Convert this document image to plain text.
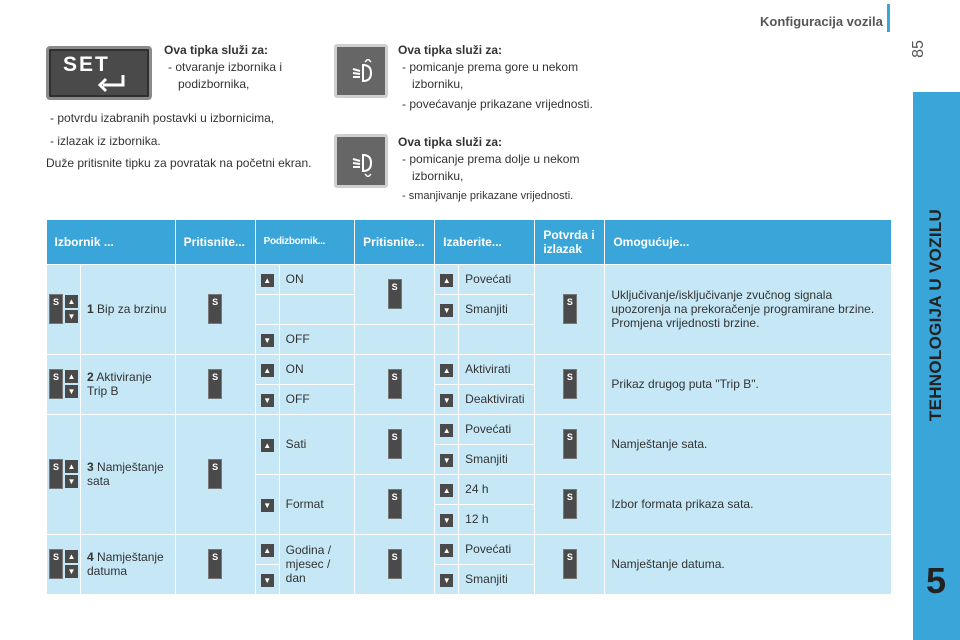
Konfiguracija vozila
85
TEHNOLOGIJA U VOZILU
5
SET
Ova tipka služi za:
- otvaranje izbornika i podizbornika,
- potvrdu izabranih postavki u izbornicima,
- izlazak iz izbornika.
Duže pritisnite tipku za povratak na početni ekran.
Ova tipka služi za:
- pomicanje prema gore u nekom izborniku,
- povećavanje prikazane vrijednosti.
Ova tipka služi za:
- pomicanje prema dolje u nekom izborniku,
- smanjivanje prikazane vrijednosti.
Izbornik ...		Pritisnite...	Podizbornik...		Pritisnite...	Izaberite...		Potvrda i izlazak	Omogućuje...

S ▲
▼	1 Bip za brzinu	S	▲	ON	S	▲	Povećati	S	Uključivanje/isključivanje zvučnog signala upozorenja na prekoračenje programirane brzine. Promjena vrijednosti brzine.
						▼	Smanjiti		
			▼	OFF					

S ▲
▼	2 Aktiviranje Trip B	S	▲	ON	S	▲	Aktivirati	S	Prikaz drugog puta "Trip B".
			▼	OFF		▼	Deaktivirati		

S ▲
▼	3 Namještanje sata	S	▲	Sati	S	▲	Povećati	S	Namještanje sata.
						▼	Smanjiti		
			▼	Format	S	▲	24 h	S	Izbor formata prikaza sata.
						▼	12 h		

S ▲
▼	4 Namještanje datuma	S	▲	Godina / mjesec / dan	S	▲	Povećati	S	Namještanje datuma.
			▼			▼	Smanjiti		
